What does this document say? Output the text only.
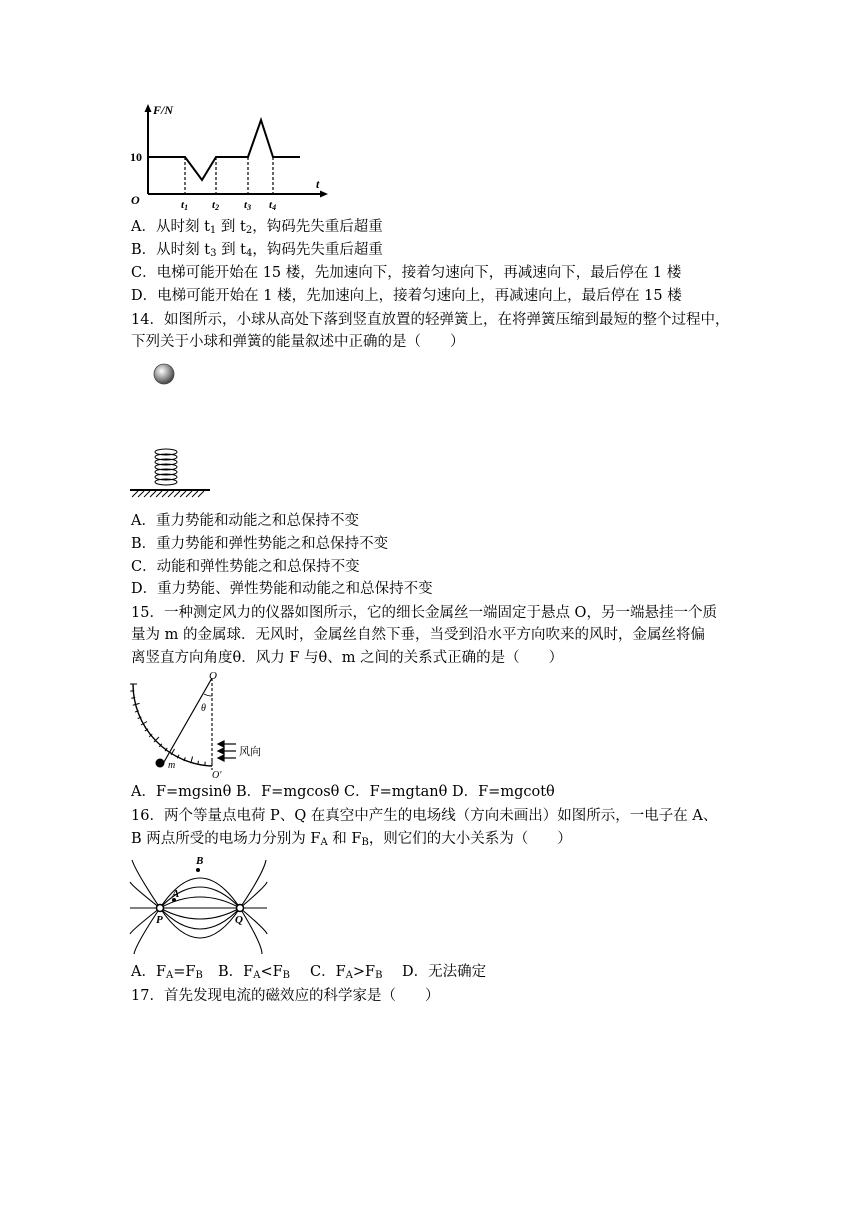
F/N
t
O
10
t1 t2 t3 t4
A．从时刻 $t_1$ 到 $t_2$，钩码先失重后超重
B．从时刻 $t_3$ 到 $t_4$，钩码先失重后超重
C．电梯可能开始在 15 楼，先加速向下，接着匀速向下，再减速向下，最后停在 1 楼
D．电梯可能开始在 1 楼，先加速向上，接着匀速向上，再减速向上，最后停在 15 楼
14．如图所示，小球从高处下落到竖直放置的轻弹簧上，在将弹簧压缩到最短的整个过程中，
下列关于小球和弹簧的能量叙述中正确的是（　　）
A．重力势能和动能之和总保持不变
B．重力势能和弹性势能之和总保持不变
C．动能和弹性势能之和总保持不变
D．重力势能、弹性势能和动能之和总保持不变
15．一种测定风力的仪器如图所示，它的细长金属丝一端固定于悬点 O，另一端悬挂一个质
量为 m 的金属球．无风时，金属丝自然下垂，当受到沿水平方向吹来的风时，金属丝将偏
离竖直方向角度θ．风力 F 与θ、m 之间的关系式正确的是（　　）
O
θ
风向
m
O'
A．F=mgsinθ B．F=mgcosθ C．F=mgtanθ D．F=mgcotθ
16．两个等量点电荷 P、Q 在真空中产生的电场线（方向未画出）如图所示，一电子在 A、
B 两点所受的电场力分别为 $F_A$ 和 $F_B$，则它们的大小关系为（　　）
P	Q
A
B
A．$F_A=F_B$ B．$F_A<F_B$ C．$F_A>F_B$ D．无法确定
17．首先发现电流的磁效应的科学家是（　　）
